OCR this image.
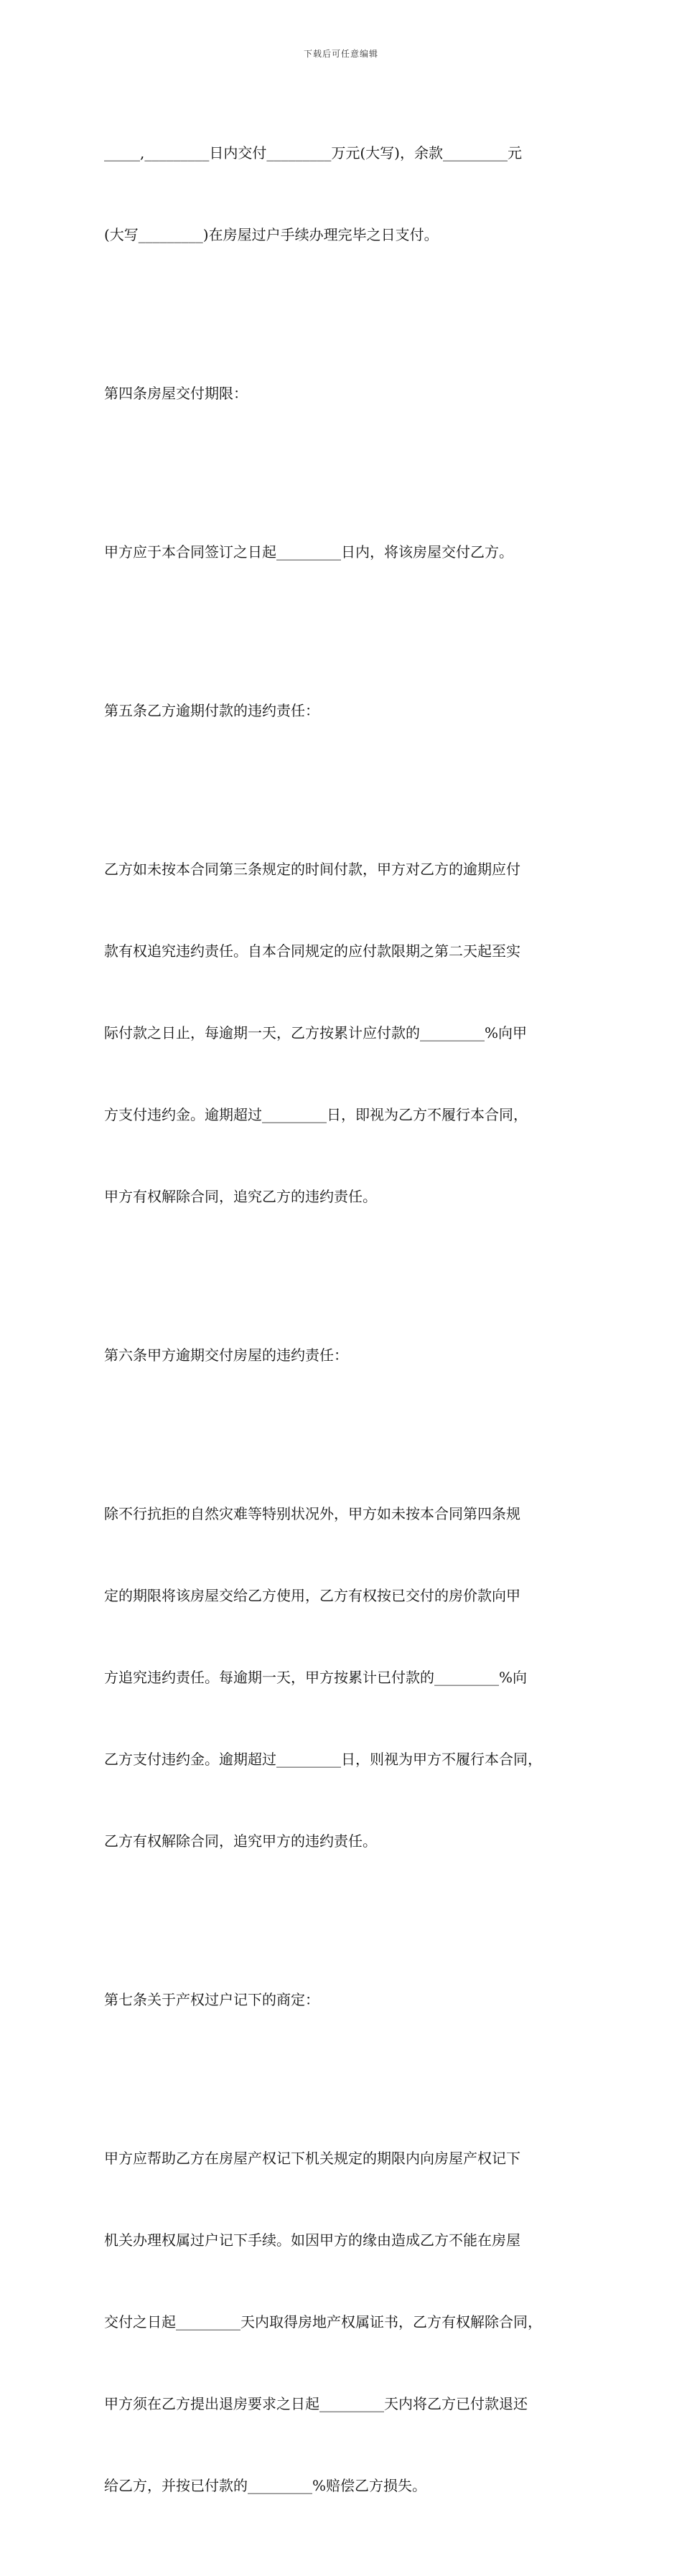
下载后可任意编辑

_____,_________日内交付_________万元(大写)，余款_________元

(大写_________)在房屋过户手续办理完毕之日支付。

第四条房屋交付期限：

甲方应于本合同签订之日起_________日内，将该房屋交付乙方。

第五条乙方逾期付款的违约责任：

乙方如未按本合同第三条规定的时间付款，甲方对乙方的逾期应付

款有权追究违约责任。自本合同规定的应付款限期之第二天起至实

际付款之日止，每逾期一天，乙方按累计应付款的_________%向甲

方支付违约金。逾期超过_________日，即视为乙方不履行本合同，

甲方有权解除合同，追究乙方的违约责任。

第六条甲方逾期交付房屋的违约责任：

除不行抗拒的自然灾难等特别状况外，甲方如未按本合同第四条规

定的期限将该房屋交给乙方使用，乙方有权按已交付的房价款向甲

方追究违约责任。每逾期一天，甲方按累计已付款的_________%向

乙方支付违约金。逾期超过_________日，则视为甲方不履行本合同，

乙方有权解除合同，追究甲方的违约责任。

第七条关于产权过户记下的商定：

甲方应帮助乙方在房屋产权记下机关规定的期限内向房屋产权记下

机关办理权属过户记下手续。如因甲方的缘由造成乙方不能在房屋

交付之日起_________天内取得房地产权属证书，乙方有权解除合同，

甲方须在乙方提出退房要求之日起_________天内将乙方已付款退还

给乙方，并按已付款的_________%赔偿乙方损失。
